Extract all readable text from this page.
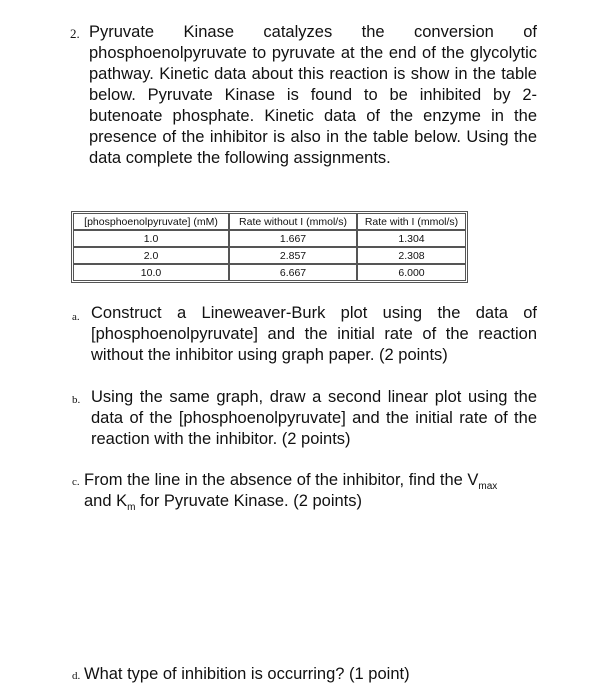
2. Pyruvate Kinase catalyzes the conversion of phosphoenolpyruvate to pyruvate at the end of the glycolytic pathway. Kinetic data about this reaction is show in the table below. Pyruvate Kinase is found to be inhibited by 2-butenoate phosphate. Kinetic data of the enzyme in the presence of the inhibitor is also in the table below. Using the data complete the following assignments.
[phosphoenolpyruvate] (mM)	Rate without I (mmol/s)	Rate with I (mmol/s)
1.0	1.667	1.304
2.0	2.857	2.308
10.0	6.667	6.000
a. Construct a Lineweaver-Burk plot using the data of [phosphoenolpyruvate] and the initial rate of the reaction without the inhibitor using graph paper. (2 points)
b. Using the same graph, draw a second linear plot using the data of the [phosphoenolpyruvate] and the initial rate of the reaction with the inhibitor. (2 points)
c. From the line in the absence of the inhibitor, find the $V_{max}$
and $K_m$ for Pyruvate Kinase. (2 points)
d. What type of inhibition is occurring? (1 point)
